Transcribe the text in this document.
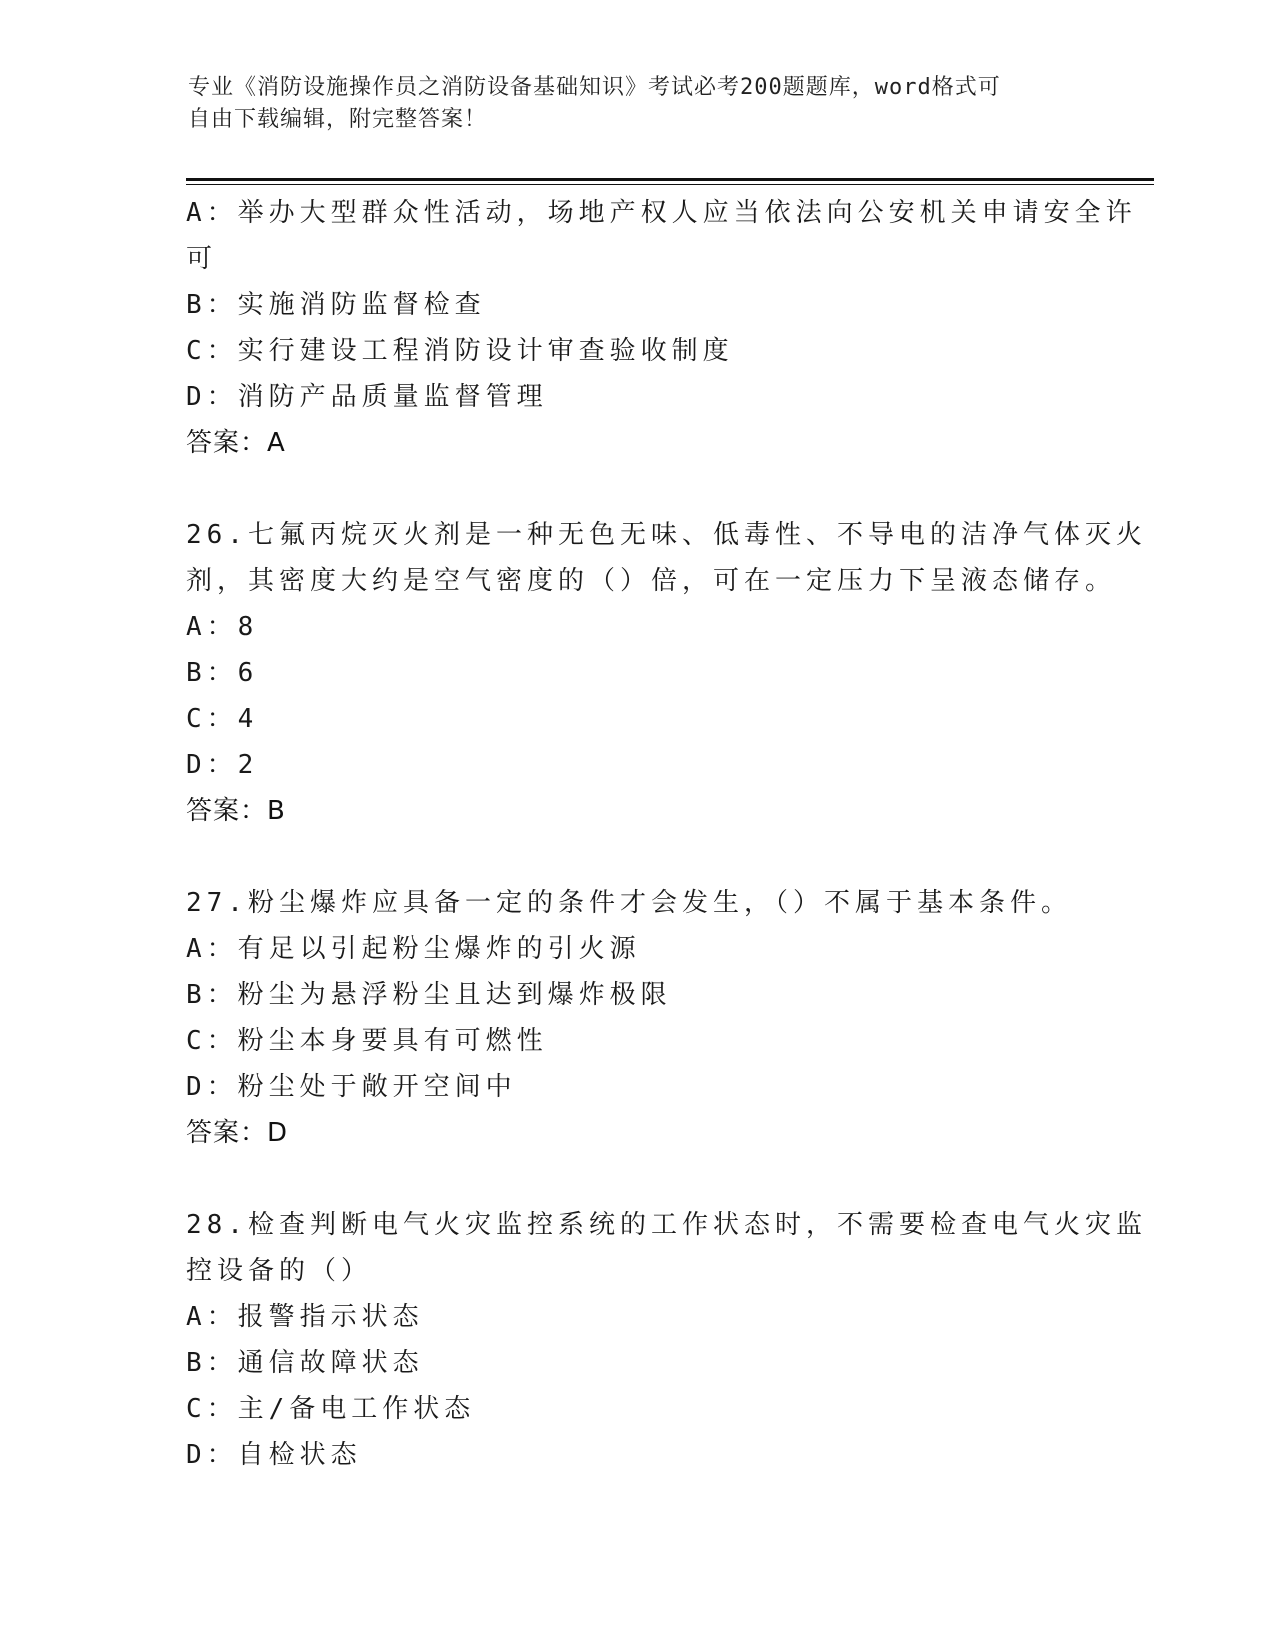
专业《消防设施操作员之消防设备基础知识》考试必考200题题库，word格式可
自由下载编辑，附完整答案！
A：举办大型群众性活动，场地产权人应当依法向公安机关申请安全许
可
B：实施消防监督检查
C：实行建设工程消防设计审查验收制度
D：消防产品质量监督管理
答案：A
26.七氟丙烷灭火剂是一种无色无味、低毒性、不导电的洁净气体灭火
剂，其密度大约是空气密度的（）倍，可在一定压力下呈液态储存。
A：8
B：6
C：4
D：2
答案：B
27.粉尘爆炸应具备一定的条件才会发生，（）不属于基本条件。
A：有足以引起粉尘爆炸的引火源
B：粉尘为悬浮粉尘且达到爆炸极限
C：粉尘本身要具有可燃性
D：粉尘处于敞开空间中
答案：D
28.检查判断电气火灾监控系统的工作状态时，不需要检查电气火灾监
控设备的（）
A：报警指示状态
B：通信故障状态
C：主/备电工作状态
D：自检状态
